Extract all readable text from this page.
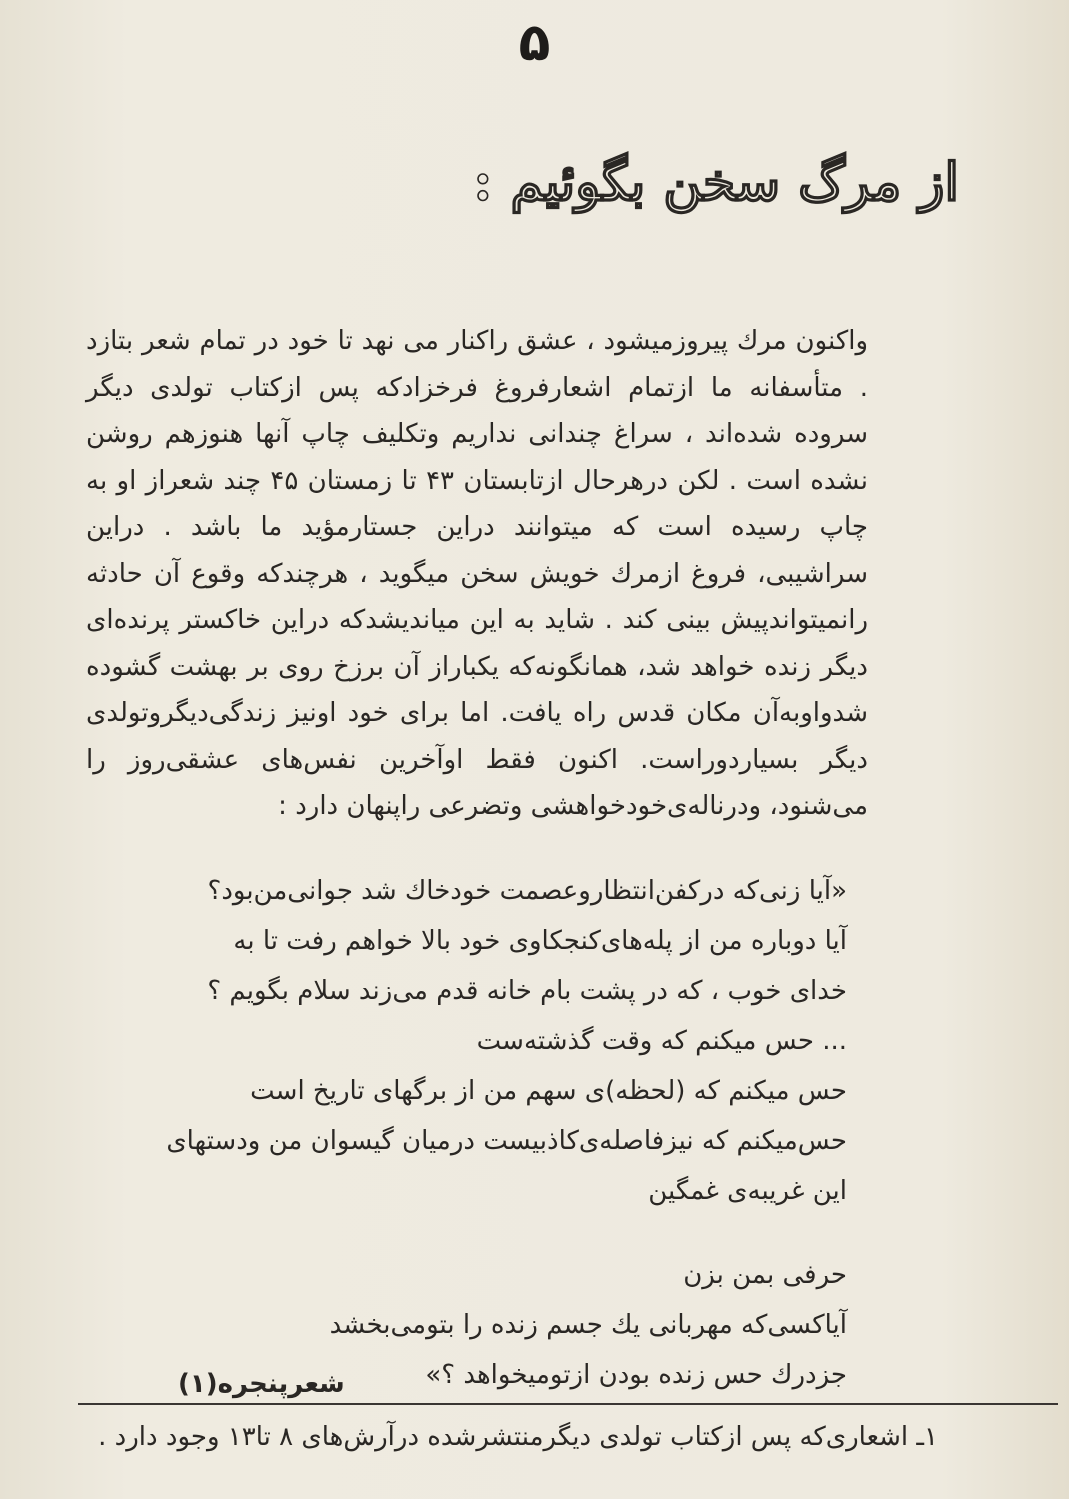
۵
از مرگ سخن بگوئیم :

واکنون مرك پیروزمیشود ، عشق راکنار می نهد تا خود در تمام شعر بتازد . متأسفانه ما ازتمام اشعارفروغ فرخزادکه پس ازکتاب تولدی دیگر سروده شده‌اند ، سراغ چندانی نداریم وتکلیف چاپ آنها هنوزهم روشن نشده است . لکن درهرحال ازتابستان ۴۳ تا زمستان ۴۵ چند شعراز او به چاپ رسیده است که میتوانند دراین جستارمؤید ما باشد . دراین سراشیبی، فروغ ازمرك خویش سخن میگوید ، هرچندکه وقوع آن حادثه رانمیتواندپیش بینی کند . شاید به این میاندیشدکه دراین خاکستر پرنده‌ای دیگر زنده خواهد شد، همانگونه‌که یکباراز آن برزخ روی بر بهشت گشوده شدواوبه‌آن مکان قدس راه یافت. اما برای خود اونیز زندگی‌دیگروتولدی دیگر بسیاردوراست. اکنون فقط اوآخرین نفس‌های عشقی‌روز را می‌شنود، ودرناله‌ی‌خودخواهشی وتضرعی راپنهان دارد :

«آیا زنی‌که درکفن‌انتظاروعصمت خودخاك شد جوانی‌من‌بود؟
آیا دوباره من از پله‌های‌کنجکاوی خود بالا خواهم رفت تا به
خدای خوب ، که در پشت بام خانه قدم می‌زند سلام بگویم ؟
... حس میکنم که وقت گذشته‌ست
حس میکنم که (لحظه)ی سهم من از برگهای تاریخ است
حس‌میکنم که نیزفاصله‌ی‌کاذبیست درمیان گیسوان من ودستهای
این غریبه‌ی غمگین
حرفی بمن بزن
آیاکسی‌که مهربانی یك جسم زنده را بتومی‌بخشد
جزدرك حس زنده بودن ازتومیخواهد ؟»
شعرپنجره(۱)
۱ـ اشعاری‌که پس ازکتاب تولدی دیگرمنتشرشده درآرش‌های ۸ تا۱۳ وجود دارد .
